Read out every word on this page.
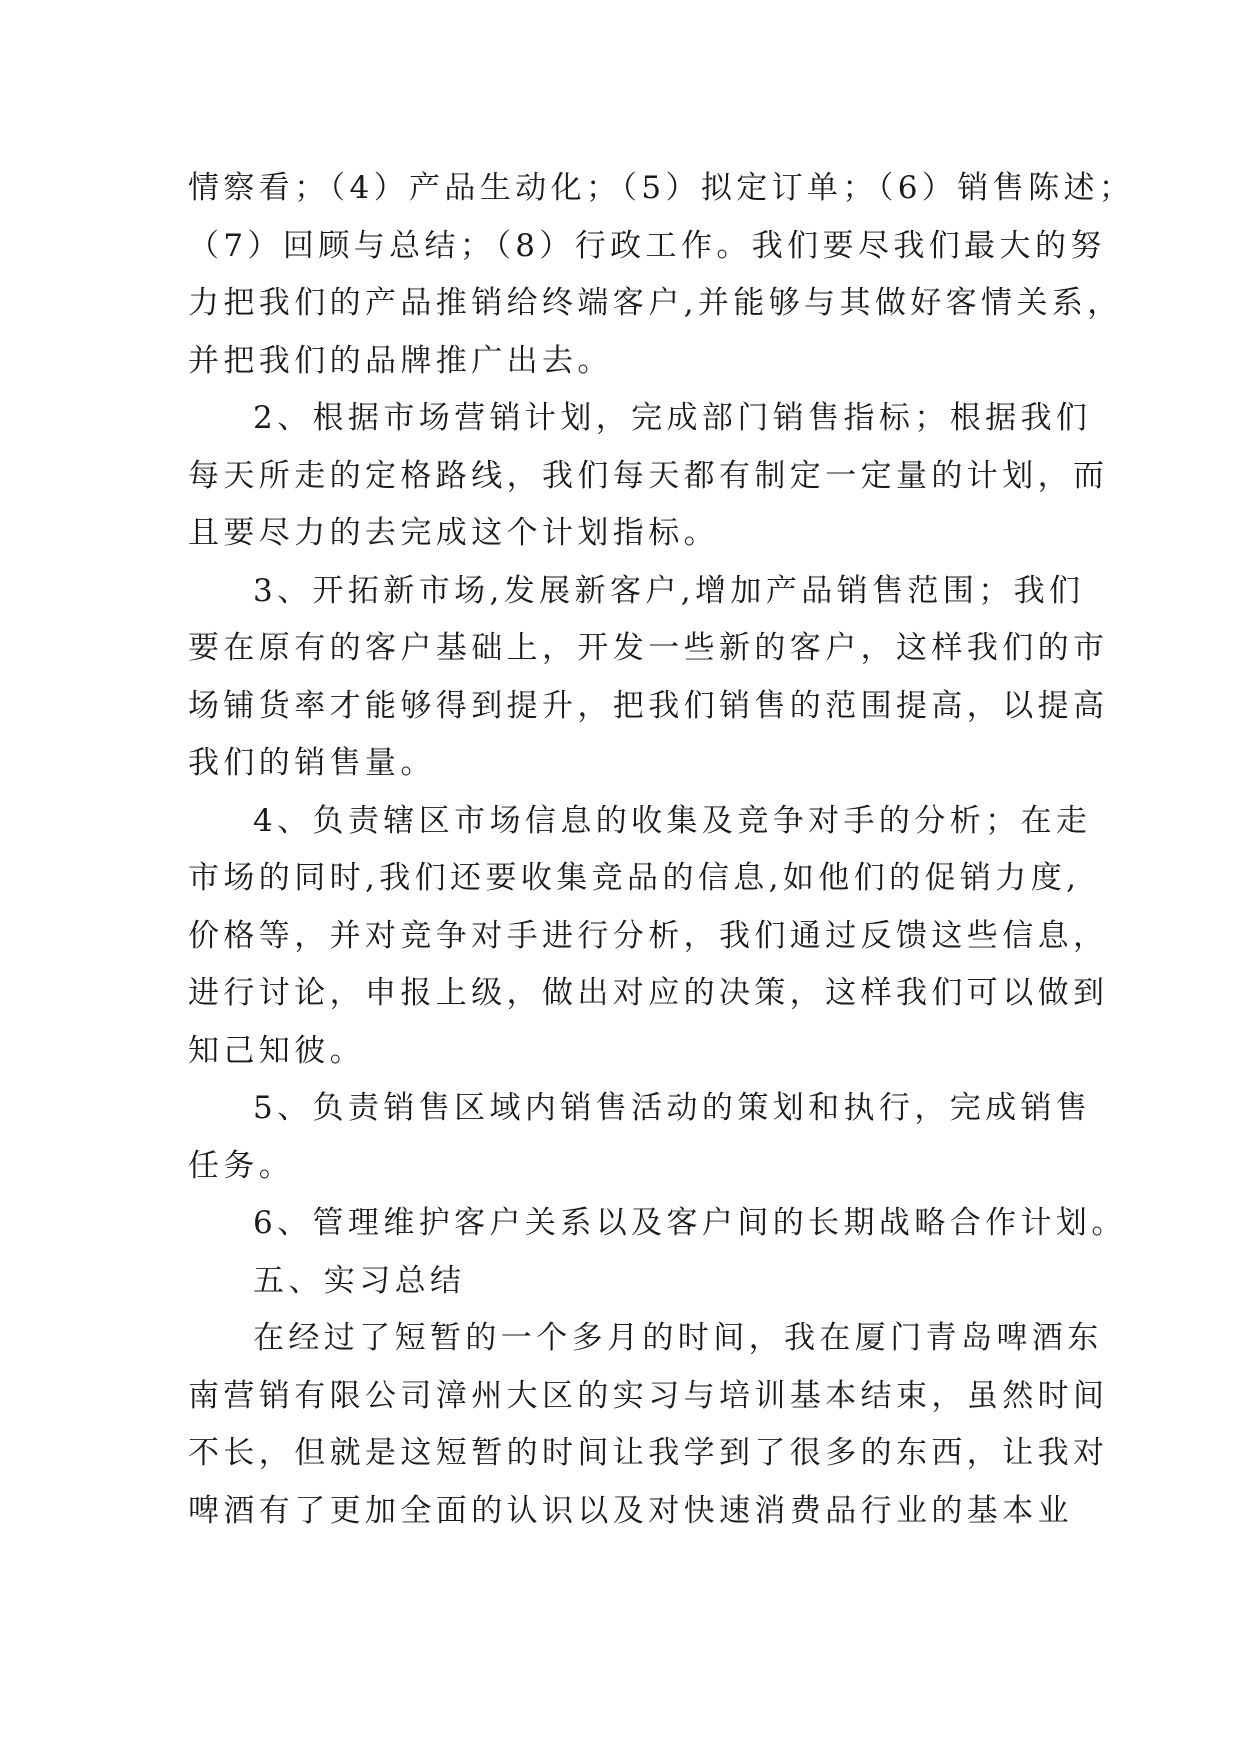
情察看；（4）产品生动化；（5）拟定订单；（6）销售陈述；
（7）回顾与总结；（8）行政工作。我们要尽我们最大的努
力把我们的产品推销给终端客户,并能够与其做好客情关系，
并把我们的品牌推广出去。
2、根据市场营销计划，完成部门销售指标；根据我们
每天所走的定格路线，我们每天都有制定一定量的计划，而
且要尽力的去完成这个计划指标。
3、开拓新市场,发展新客户,增加产品销售范围；我们
要在原有的客户基础上，开发一些新的客户，这样我们的市
场铺货率才能够得到提升，把我们销售的范围提高，以提高
我们的销售量。
4、负责辖区市场信息的收集及竞争对手的分析；在走
市场的同时,我们还要收集竞品的信息,如他们的促销力度,
价格等，并对竞争对手进行分析，我们通过反馈这些信息，
进行讨论，申报上级，做出对应的决策，这样我们可以做到
知己知彼。
5、负责销售区域内销售活动的策划和执行，完成销售
任务。
6、管理维护客户关系以及客户间的长期战略合作计划。
五、实习总结
在经过了短暂的一个多月的时间，我在厦门青岛啤酒东
南营销有限公司漳州大区的实习与培训基本结束，虽然时间
不长，但就是这短暂的时间让我学到了很多的东西，让我对
啤酒有了更加全面的认识以及对快速消费品行业的基本业
